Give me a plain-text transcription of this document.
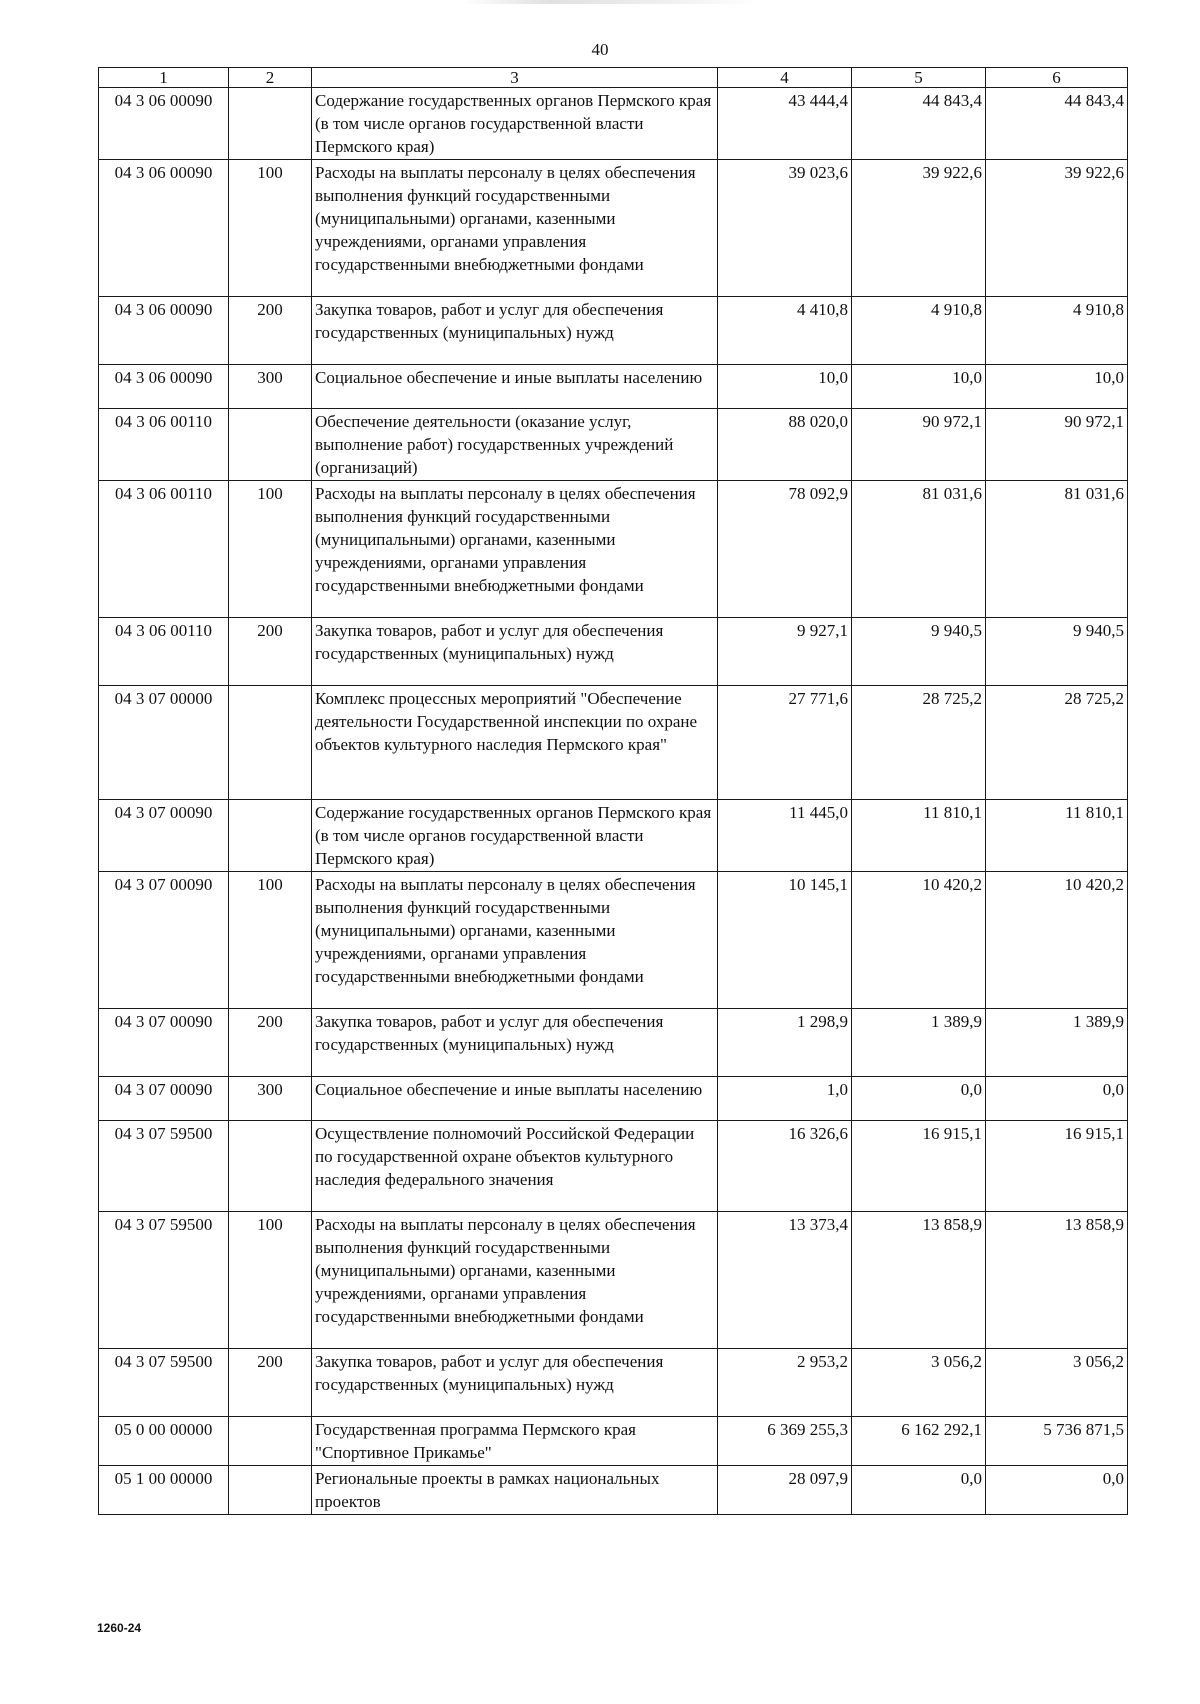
40
1	2	3	4	5	6
04 3 06 00090		Содержание государственных органов Пермского края (в том числе органов государственной власти Пермского края)	43 444,4	44 843,4	44 843,4
04 3 06 00090	100	Расходы на выплаты персоналу в целях обеспечения выполнения функций государственными (муниципальными) органами, казенными учреждениями, органами управления государственными внебюджетными фондами	39 023,6	39 922,6	39 922,6
04 3 06 00090	200	Закупка товаров, работ и услуг для обеспечения государственных (муниципальных) нужд	4 410,8	4 910,8	4 910,8
04 3 06 00090	300	Социальное обеспечение и иные выплаты населению	10,0	10,0	10,0
04 3 06 00110		Обеспечение деятельности (оказание услуг, выполнение работ) государственных учреждений (организаций)	88 020,0	90 972,1	90 972,1
04 3 06 00110	100	Расходы на выплаты персоналу в целях обеспечения выполнения функций государственными (муниципальными) органами, казенными учреждениями, органами управления государственными внебюджетными фондами	78 092,9	81 031,6	81 031,6
04 3 06 00110	200	Закупка товаров, работ и услуг для обеспечения государственных (муниципальных) нужд	9 927,1	9 940,5	9 940,5
04 3 07 00000		Комплекс процессных мероприятий "Обеспечение деятельности Государственной инспекции по охране объектов культурного наследия Пермского края"	27 771,6	28 725,2	28 725,2
04 3 07 00090		Содержание государственных органов Пермского края (в том числе органов государственной власти Пермского края)	11 445,0	11 810,1	11 810,1
04 3 07 00090	100	Расходы на выплаты персоналу в целях обеспечения выполнения функций государственными (муниципальными) органами, казенными учреждениями, органами управления государственными внебюджетными фондами	10 145,1	10 420,2	10 420,2
04 3 07 00090	200	Закупка товаров, работ и услуг для обеспечения государственных (муниципальных) нужд	1 298,9	1 389,9	1 389,9
04 3 07 00090	300	Социальное обеспечение и иные выплаты населению	1,0	0,0	0,0
04 3 07 59500		Осуществление полномочий Российской Федерации по государственной охране объектов культурного наследия федерального значения	16 326,6	16 915,1	16 915,1
04 3 07 59500	100	Расходы на выплаты персоналу в целях обеспечения выполнения функций государственными (муниципальными) органами, казенными учреждениями, органами управления государственными внебюджетными фондами	13 373,4	13 858,9	13 858,9
04 3 07 59500	200	Закупка товаров, работ и услуг для обеспечения государственных (муниципальных) нужд	2 953,2	3 056,2	3 056,2
05 0 00 00000		Государственная программа Пермского края "Спортивное Прикамье"	6 369 255,3	6 162 292,1	5 736 871,5
05 1 00 00000		Региональные проекты в рамках национальных проектов	28 097,9	0,0	0,0
1260-24
